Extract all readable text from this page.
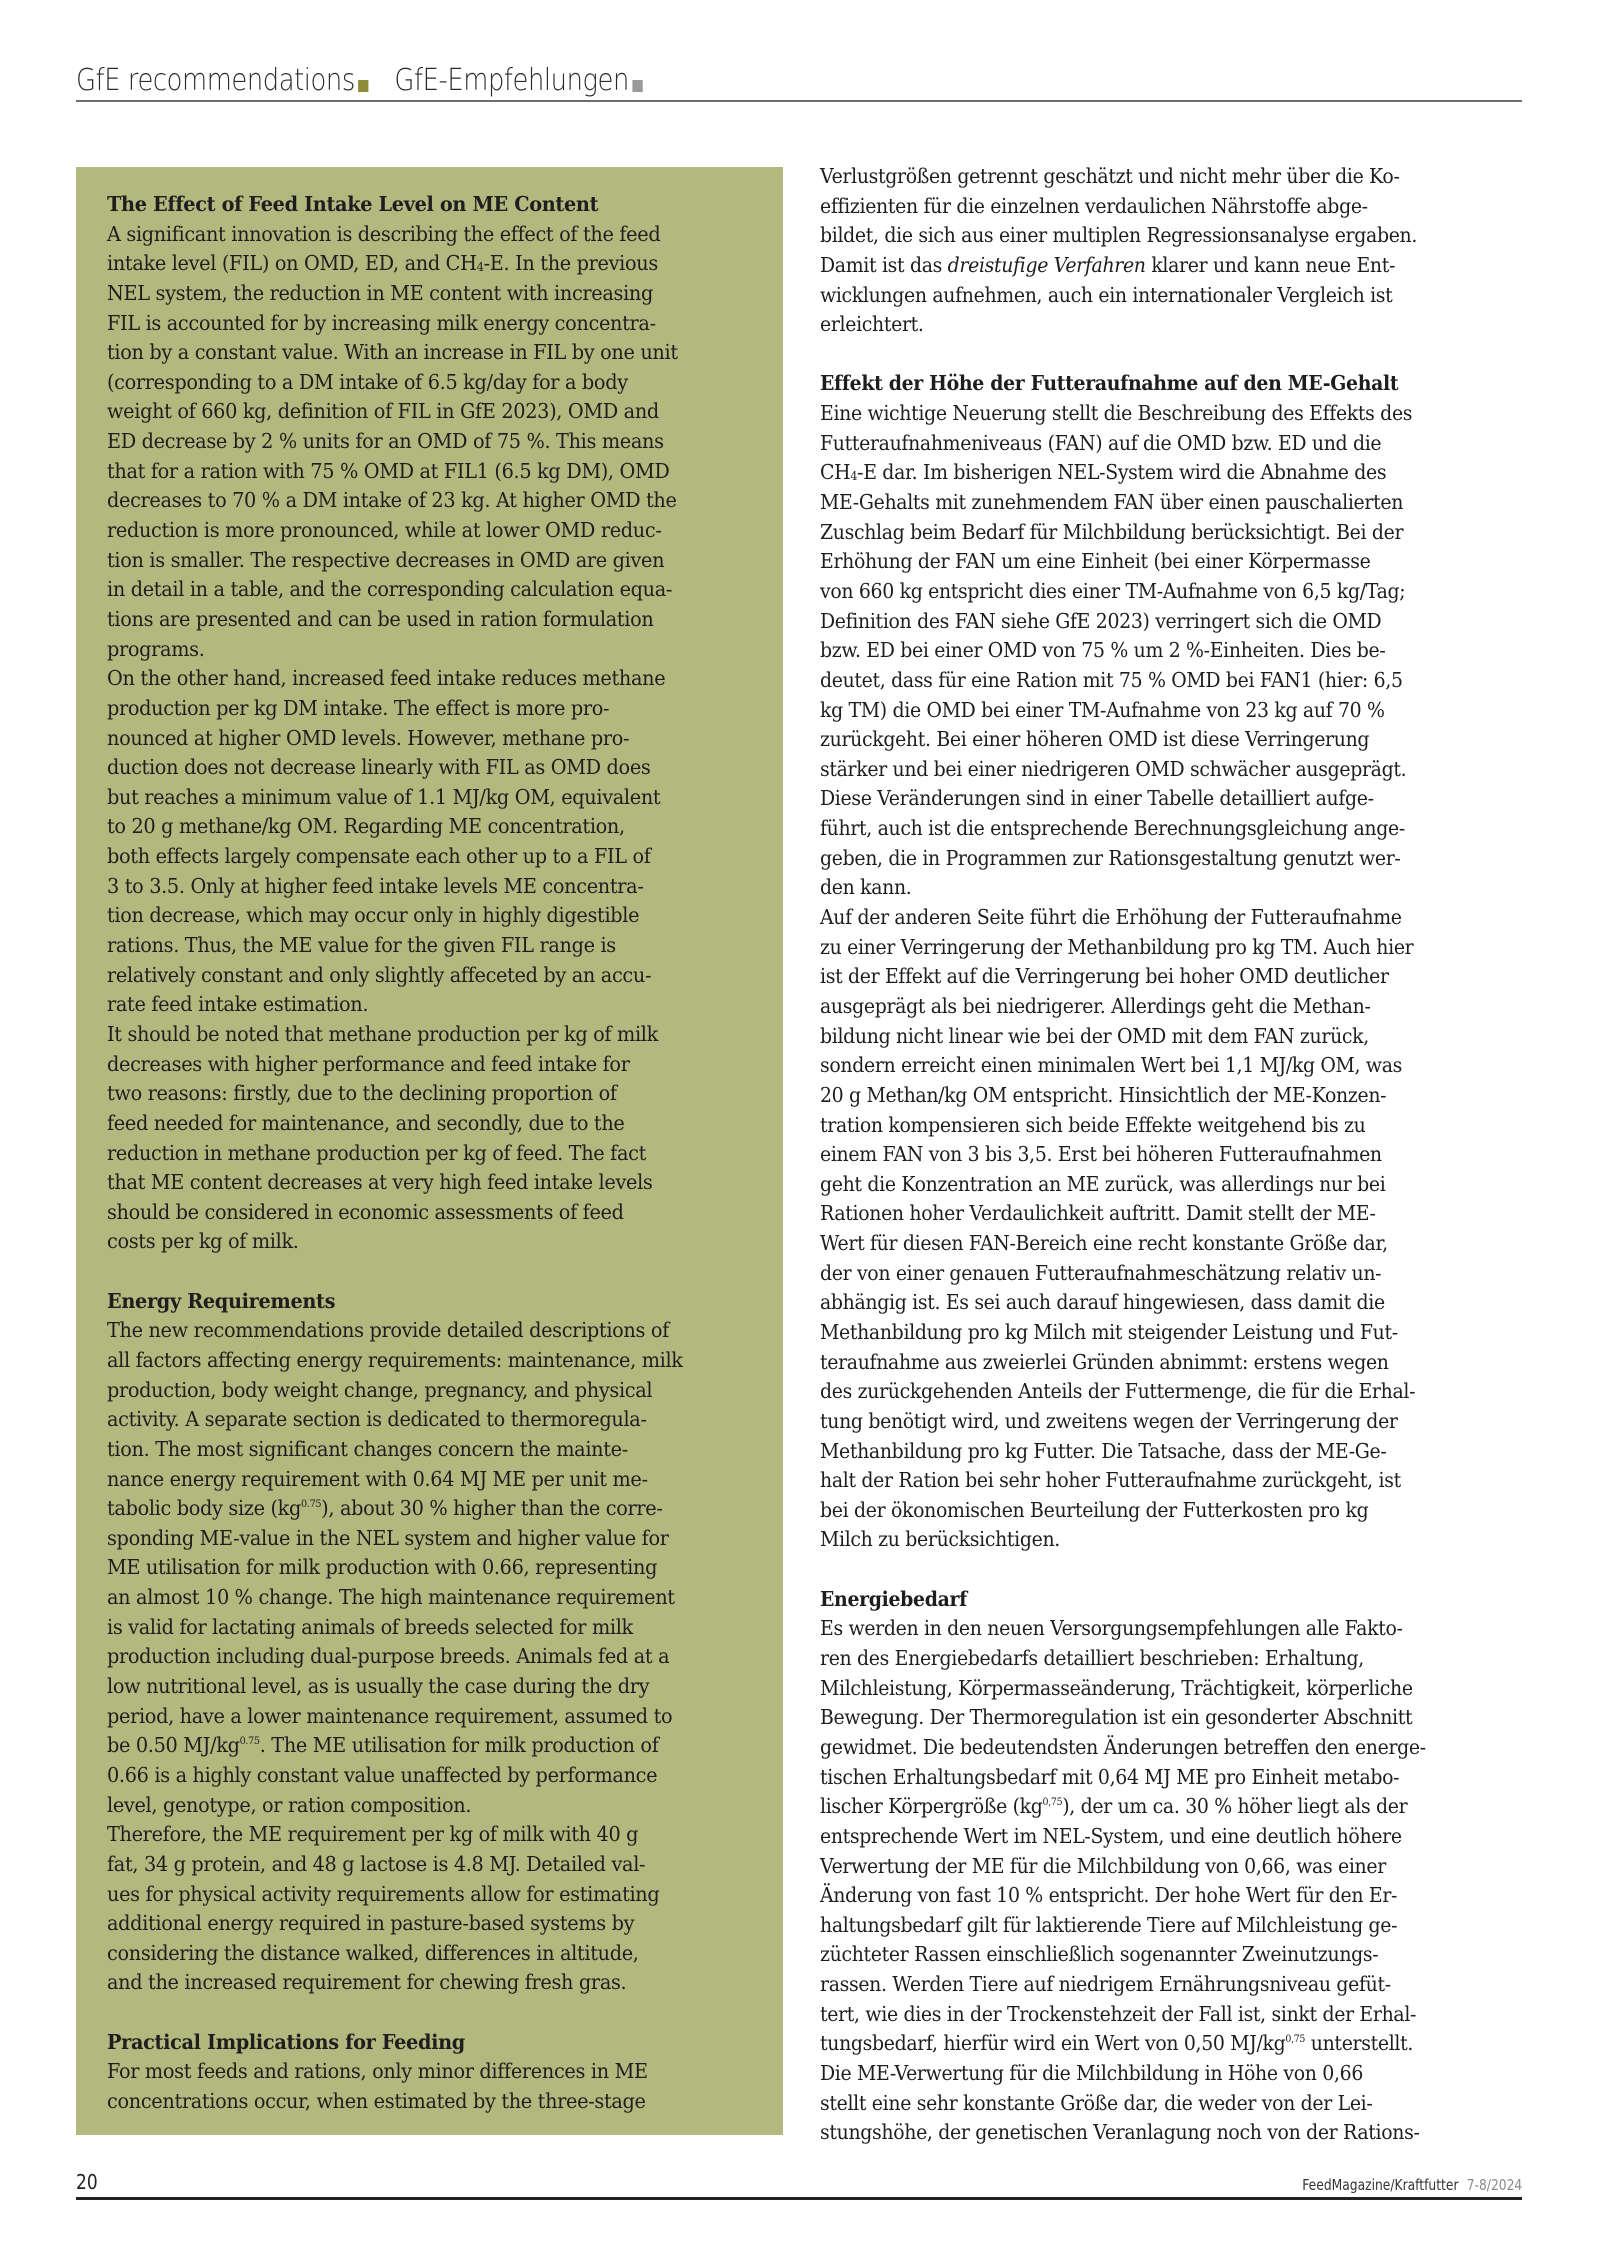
GfE recommendations GfE-Empfehlungen
The Effect of Feed Intake Level on ME Content
A significant innovation is describing the effect of the feed
intake level (FIL) on OMD, ED, and $CH_4-E$. In the previous
NEL system, the reduction in ME content with increasing
FIL is accounted for by increasing milk energy concentra-
tion by a constant value. With an increase in FIL by one unit
(corresponding to a DM intake of 6.5 kg/day for a body
weight of 660 kg, definition of FIL in GfE 2023), OMD and
ED decrease by 2 % units for an OMD of 75 %. This means
that for a ration with 75 % OMD at FIL1 (6.5 kg DM), OMD
decreases to 70 % a DM intake of 23 kg. At higher OMD the
reduction is more pronounced, while at lower OMD reduc-
tion is smaller. The respective decreases in OMD are given
in detail in a table, and the corresponding calculation equa-
tions are presented and can be used in ration formulation
programs.
On the other hand, increased feed intake reduces methane
production per kg DM intake. The effect is more pro-
nounced at higher OMD levels. However, methane pro-
duction does not decrease linearly with FIL as OMD does
but reaches a minimum value of 1.1 MJ/kg OM, equivalent
to 20 g methane/kg OM. Regarding ME concentration,
both effects largely compensate each other up to a FIL of
3 to 3.5. Only at higher feed intake levels ME concentra-
tion decrease, which may occur only in highly digestible
rations. Thus, the ME value for the given FIL range is
relatively constant and only slightly affeceted by an accu-
rate feed intake estimation.
It should be noted that methane production per kg of milk
decreases with higher performance and feed intake for
two reasons: firstly, due to the declining proportion of
feed needed for maintenance, and secondly, due to the
reduction in methane production per kg of feed. The fact
that ME content decreases at very high feed intake levels
should be considered in economic assessments of feed
costs per kg of milk.
Energy Requirements
The new recommendations provide detailed descriptions of
all factors affecting energy requirements: maintenance, milk
production, body weight change, pregnancy, and physical
activity. A separate section is dedicated to thermoregula-
tion. The most significant changes concern the mainte-
nance energy requirement with 0.64 MJ ME per unit me-
tabolic body size $(kg^{0.75})$, about 30 % higher than the corre-
sponding ME-value in the NEL system and higher value for
ME utilisation for milk production with 0.66, representing
an almost 10 % change. The high maintenance requirement
is valid for lactating animals of breeds selected for milk
production including dual-purpose breeds. Animals fed at a
low nutritional level, as is usually the case during the dry
period, have a lower maintenance requirement, assumed to
be 0.50 $MJ/kg^{0.75}$. The ME utilisation for milk production of
0.66 is a highly constant value unaffected by performance
level, genotype, or ration composition.
Therefore, the ME requirement per kg of milk with 40 g
fat, 34 g protein, and 48 g lactose is 4.8 MJ. Detailed val-
ues for physical activity requirements allow for estimating
additional energy required in pasture-based systems by
considering the distance walked, differences in altitude,
and the increased requirement for chewing fresh gras.
Practical Implications for Feeding
For most feeds and rations, only minor differences in ME
concentrations occur, when estimated by the three-stage
Verlustgrößen getrennt geschätzt und nicht mehr über die Ko-
effizienten für die einzelnen verdaulichen Nährstoffe abge-
bildet, die sich aus einer multiplen Regressionsanalyse ergaben.
Damit ist das dreistufige Verfahren klarer und kann neue Ent-
wicklungen aufnehmen, auch ein internationaler Vergleich ist
erleichtert.
Effekt der Höhe der Futteraufnahme auf den ME-Gehalt
Eine wichtige Neuerung stellt die Beschreibung des Effekts des
Futteraufnahmeniveaus (FAN) auf die OMD bzw. ED und die
$CH_4-E$ dar. Im bisherigen NEL-System wird die Abnahme des
ME-Gehalts mit zunehmendem FAN über einen pauschalierten
Zuschlag beim Bedarf für Milchbildung berücksichtigt. Bei der
Erhöhung der FAN um eine Einheit (bei einer Körpermasse
von 660 kg entspricht dies einer TM-Aufnahme von 6,5 kg/Tag;
Definition des FAN siehe GfE 2023) verringert sich die OMD
bzw. ED bei einer OMD von 75 % um 2 %-Einheiten. Dies be-
deutet, dass für eine Ration mit 75 % OMD bei FAN1 (hier: 6,5
kg TM) die OMD bei einer TM-Aufnahme von 23 kg auf 70 %
zurückgeht. Bei einer höheren OMD ist diese Verringerung
stärker und bei einer niedrigeren OMD schwächer ausgeprägt.
Diese Veränderungen sind in einer Tabelle detailliert aufge-
führt, auch ist die entsprechende Berechnungsgleichung ange-
geben, die in Programmen zur Rationsgestaltung genutzt wer-
den kann.
Auf der anderen Seite führt die Erhöhung der Futteraufnahme
zu einer Verringerung der Methanbildung pro kg TM. Auch hier
ist der Effekt auf die Verringerung bei hoher OMD deutlicher
ausgeprägt als bei niedrigerer. Allerdings geht die Methan-
bildung nicht linear wie bei der OMD mit dem FAN zurück,
sondern erreicht einen minimalen Wert bei 1,1 MJ/kg OM, was
20 g Methan/kg OM entspricht. Hinsichtlich der ME-Konzen-
tration kompensieren sich beide Effekte weitgehend bis zu
einem FAN von 3 bis 3,5. Erst bei höheren Futteraufnahmen
geht die Konzentration an ME zurück, was allerdings nur bei
Rationen hoher Verdaulichkeit auftritt. Damit stellt der ME-
Wert für diesen FAN-Bereich eine recht konstante Größe dar,
der von einer genauen Futteraufnahmeschätzung relativ un-
abhängig ist. Es sei auch darauf hingewiesen, dass damit die
Methanbildung pro kg Milch mit steigender Leistung und Fut-
teraufnahme aus zweierlei Gründen abnimmt: erstens wegen
des zurückgehenden Anteils der Futtermenge, die für die Erhal-
tung benötigt wird, und zweitens wegen der Verringerung der
Methanbildung pro kg Futter. Die Tatsache, dass der ME-Ge-
halt der Ration bei sehr hoher Futteraufnahme zurückgeht, ist
bei der ökonomischen Beurteilung der Futterkosten pro kg
Milch zu berücksichtigen.
Energiebedarf
Es werden in den neuen Versorgungsempfehlungen alle Fakto-
ren des Energiebedarfs detailliert beschrieben: Erhaltung,
Milchleistung, Körpermasseänderung, Trächtigkeit, körperliche
Bewegung. Der Thermoregulation ist ein gesonderter Abschnitt
gewidmet. Die bedeutendsten Änderungen betreffen den energe-
tischen Erhaltungsbedarf mit 0,64 MJ ME pro Einheit metabo-
lischer Körpergröße (kg$^{0,75}$), der um ca. 30 % höher liegt als der
entsprechende Wert im NEL-System, und eine deutlich höhere
Verwertung der ME für die Milchbildung von 0,66, was einer
Änderung von fast 10 % entspricht. Der hohe Wert für den Er-
haltungsbedarf gilt für laktierende Tiere auf Milchleistung ge-
züchteter Rassen einschließlich sogenannter Zweinutzungs-
rassen. Werden Tiere auf niedrigem Ernährungsniveau gefüt-
tert, wie dies in der Trockenstehzeit der Fall ist, sinkt der Erhal-
tungsbedarf, hierfür wird ein Wert von 0,50 MJ/kg$^{0,75}$ unterstellt.
Die ME-Verwertung für die Milchbildung in Höhe von 0,66
stellt eine sehr konstante Größe dar, die weder von der Lei-
stungshöhe, der genetischen Veranlagung noch von der Rations-
20	FeedMagazine/Kraftfutter 7-8/2024
